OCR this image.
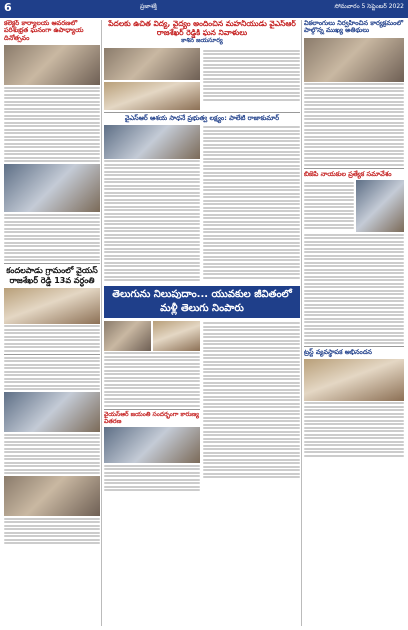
6	ప్రజాశక్తి	సోమవారం 5 సెప్టెంబర్ 2022
కలెక్టర్ కార్యాలయ ఆవరణలో పరిశుభ్రత ఘనంగా ఉపాధ్యాయ దినోత్సవం
కందలపాడు గ్రామంలో వైయస్ రాజశేఖర్ రెడ్డి 13వ వర్ధంతి
పేదలకు ఉచిత విద్య, వైద్యం అందించిన మహనీయుడు వైఎస్ఆర్ రాజశేఖర్ రెడ్డికి ఘన నివాళులు
కాశిన జయసూర్య
వైఎస్ఆర్ ఆశయ సాధనే ప్రభుత్వ లక్ష్యం: పాలేటి రాజాకుమార్
తెలుగును నిలుపుదాం... యువకుల జీవితంలో మళ్లీ తెలుగు నింపారు
వైయస్ఆర్ జయంతి సందర్భంగా కారుణ్య వితరణ
వికలాంగులు నిర్వహించిన కార్యక్రమంలో పాల్గొన్న ముఖ్య అతిథులు
బిజెపి నాయకుల ప్రత్యేక సమావేశం
ట్రస్ట్ వ్యవస్థాపక అభినందన
